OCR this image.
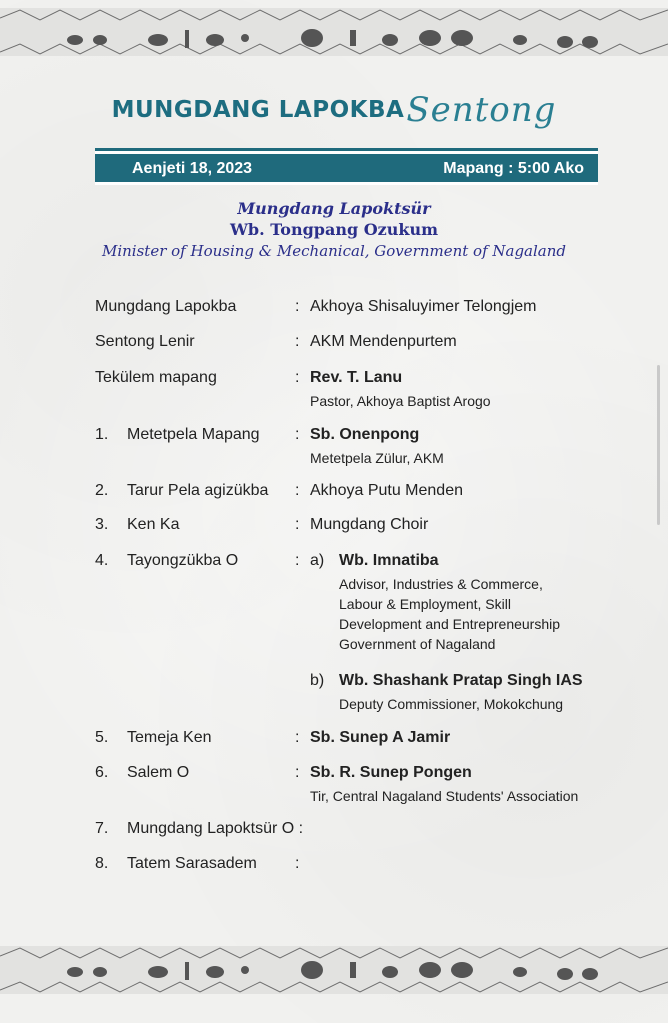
MUNGDANG LAPOKBASentong
Aenjeti 18, 2023	Mapang : 5:00 Ako
Mungdang Lapoktsür
Wb. Tongpang Ozukum
Minister of Housing & Mechanical, Government of Nagaland
Mungdang Lapokba	: Akhoya Shisaluyimer Telongjem
Sentong Lenir	: AKM Mendenpurtem
Tekülem mapang	: Rev. T. Lanu
Pastor, Akhoya Baptist Arogo
1. Metetpela Mapang : Sb. Onenpong
Metetpela Zülur, AKM
2. Tarur Pela agizükba : Akhoya Putu Menden
3. Ken Ka	: Mungdang Choir
4. Tayongzükba O	: a) Wb. Imnatiba
Advisor, Industries & Commerce,
Labour & Employment, Skill
Development and Entrepreneurship
Government of Nagaland
b) Wb. Shashank Pratap Singh IAS
Deputy Commissioner, Mokokchung
5. Temeja Ken	: Sb. Sunep A Jamir
6. Salem O	: Sb. R. Sunep Pongen
Tir, Central Nagaland Students' Association
7. Mungdang Lapoktsür O :
8. Tatem Sarasadem :
